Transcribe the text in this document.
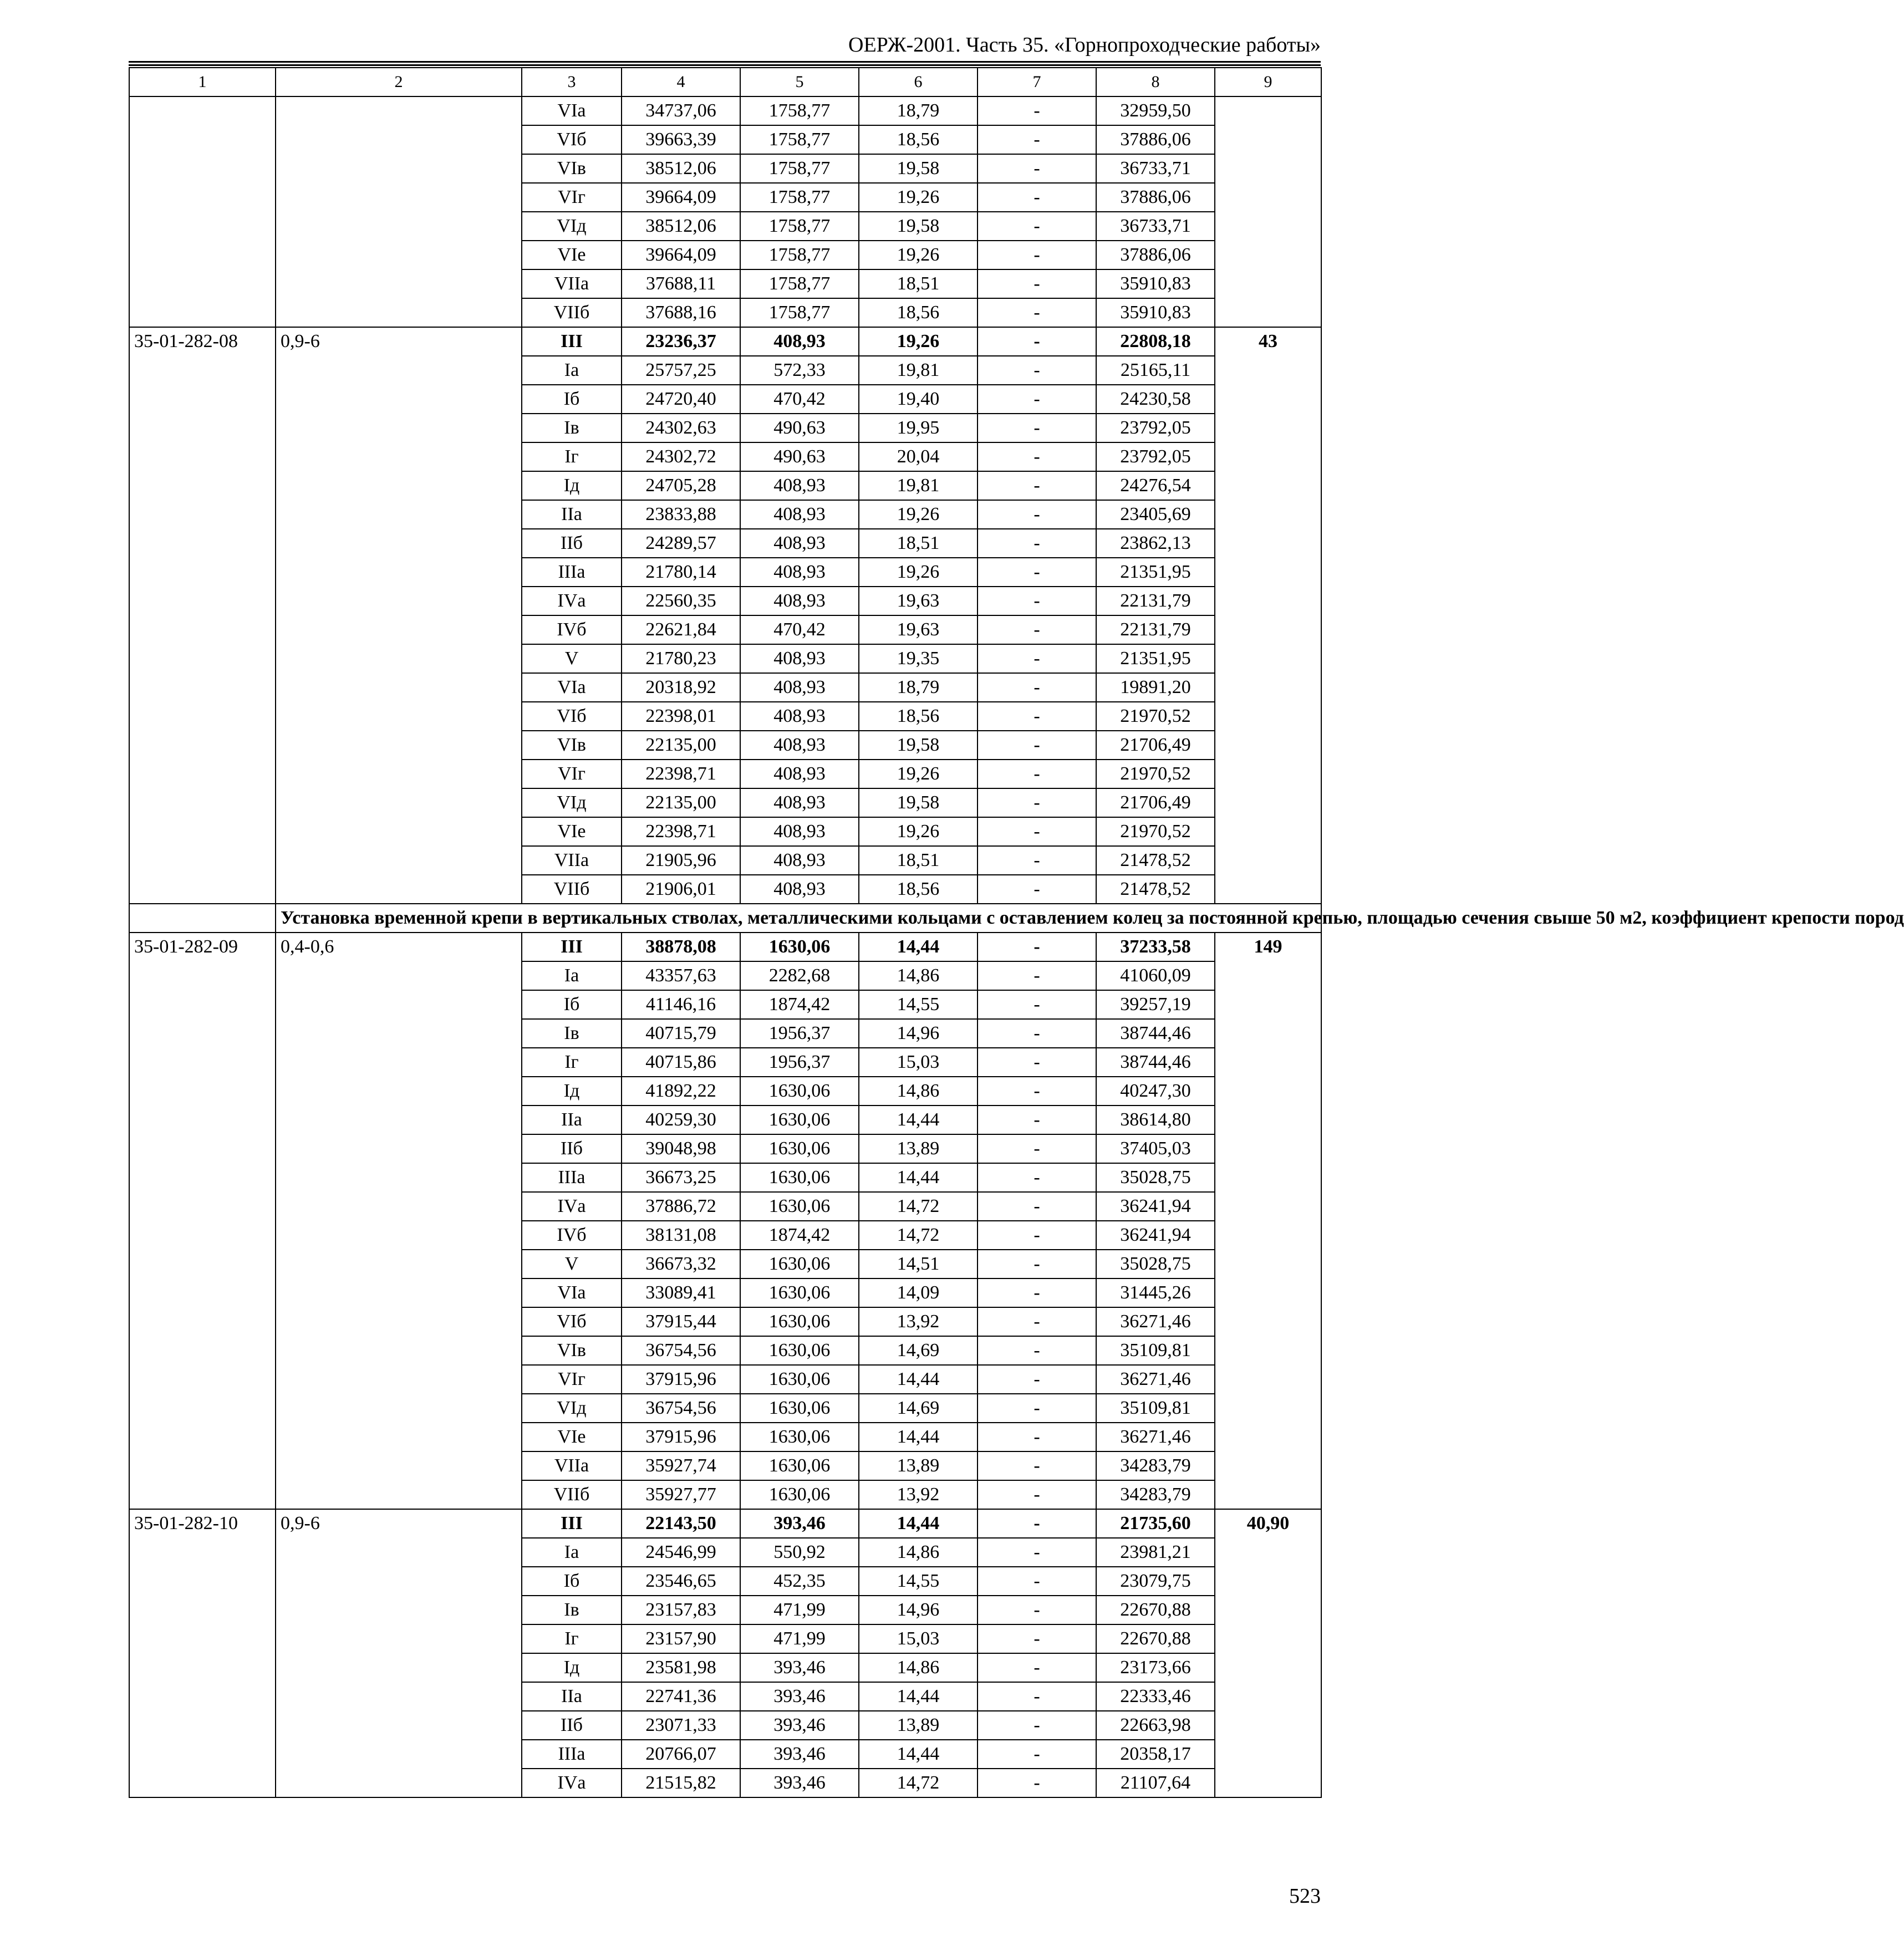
ОЕРЖ-2001. Часть 35. «Горнопроходческие работы»
1	2	3	4	5	6	7	8	9
		VIа	34737,06	1758,77	18,79	-	32959,50	
		VIб	39663,39	1758,77	18,56	-	37886,06	
		VIв	38512,06	1758,77	19,58	-	36733,71	
		VIг	39664,09	1758,77	19,26	-	37886,06	
		VIд	38512,06	1758,77	19,58	-	36733,71	
		VIе	39664,09	1758,77	19,26	-	37886,06	
		VIIа	37688,11	1758,77	18,51	-	35910,83	
		VIIб	37688,16	1758,77	18,56	-	35910,83	
35-01-282-08	0,9-6	III	23236,37	408,93	19,26	-	22808,18	43
		Iа	25757,25	572,33	19,81	-	25165,11	
		Iб	24720,40	470,42	19,40	-	24230,58	
		Iв	24302,63	490,63	19,95	-	23792,05	
		Iг	24302,72	490,63	20,04	-	23792,05	
		Iд	24705,28	408,93	19,81	-	24276,54	
		IIа	23833,88	408,93	19,26	-	23405,69	
		IIб	24289,57	408,93	18,51	-	23862,13	
		IIIа	21780,14	408,93	19,26	-	21351,95	
		IVа	22560,35	408,93	19,63	-	22131,79	
		IVб	22621,84	470,42	19,63	-	22131,79	
		V	21780,23	408,93	19,35	-	21351,95	
		VIа	20318,92	408,93	18,79	-	19891,20	
		VIб	22398,01	408,93	18,56	-	21970,52	
		VIв	22135,00	408,93	19,58	-	21706,49	
		VIг	22398,71	408,93	19,26	-	21970,52	
		VIд	22135,00	408,93	19,58	-	21706,49	
		VIе	22398,71	408,93	19,26	-	21970,52	
		VIIа	21905,96	408,93	18,51	-	21478,52	
		VIIб	21906,01	408,93	18,56	-	21478,52	
	Установка временной крепи в вертикальных стволах, металлическими кольцами с оставлением колец за постоянной крепью, площадью сечения свыше 50 м2, коэффициент крепости пород							
35-01-282-09	0,4-0,6	III	38878,08	1630,06	14,44	-	37233,58	149
		Iа	43357,63	2282,68	14,86	-	41060,09	
		Iб	41146,16	1874,42	14,55	-	39257,19	
		Iв	40715,79	1956,37	14,96	-	38744,46	
		Iг	40715,86	1956,37	15,03	-	38744,46	
		Iд	41892,22	1630,06	14,86	-	40247,30	
		IIа	40259,30	1630,06	14,44	-	38614,80	
		IIб	39048,98	1630,06	13,89	-	37405,03	
		IIIа	36673,25	1630,06	14,44	-	35028,75	
		IVа	37886,72	1630,06	14,72	-	36241,94	
		IVб	38131,08	1874,42	14,72	-	36241,94	
		V	36673,32	1630,06	14,51	-	35028,75	
		VIа	33089,41	1630,06	14,09	-	31445,26	
		VIб	37915,44	1630,06	13,92	-	36271,46	
		VIв	36754,56	1630,06	14,69	-	35109,81	
		VIг	37915,96	1630,06	14,44	-	36271,46	
		VIд	36754,56	1630,06	14,69	-	35109,81	
		VIе	37915,96	1630,06	14,44	-	36271,46	
		VIIа	35927,74	1630,06	13,89	-	34283,79	
		VIIб	35927,77	1630,06	13,92	-	34283,79	
35-01-282-10	0,9-6	III	22143,50	393,46	14,44	-	21735,60	40,90
		Iа	24546,99	550,92	14,86	-	23981,21	
		Iб	23546,65	452,35	14,55	-	23079,75	
		Iв	23157,83	471,99	14,96	-	22670,88	
		Iг	23157,90	471,99	15,03	-	22670,88	
		Iд	23581,98	393,46	14,86	-	23173,66	
		IIа	22741,36	393,46	14,44	-	22333,46	
		IIб	23071,33	393,46	13,89	-	22663,98	
		IIIа	20766,07	393,46	14,44	-	20358,17	
		IVа	21515,82	393,46	14,72	-	21107,64	
523
